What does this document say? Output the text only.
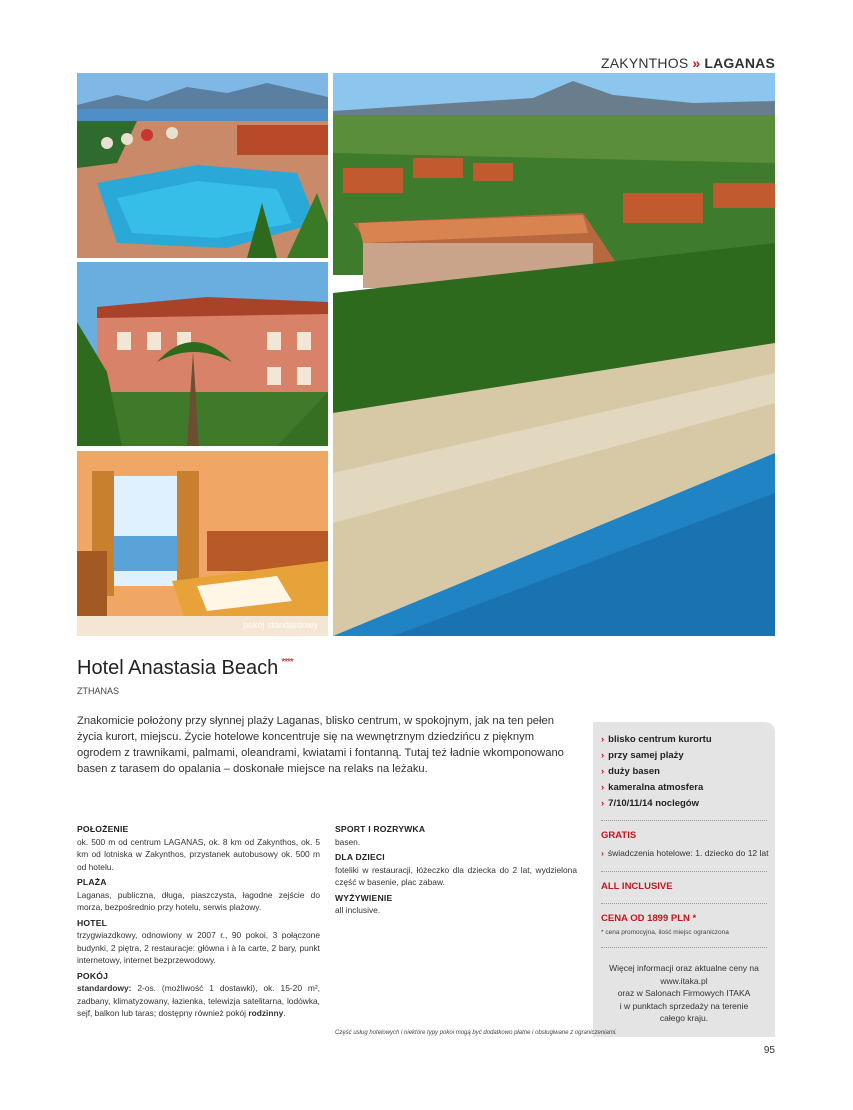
ZAKYNTHOS » LAGANAS
pokój standardowy
Hotel Anastasia Beach ****
ZTHANAS
Znakomicie położony przy słynnej plaży Laganas, blisko centrum, w spokojnym, jak na ten pełen życia kurort, miejscu. Życie hotelowe koncentruje się na wewnętrznym dziedzińcu z pięknym ogrodem z trawnikami, palmami, oleandrami, kwiatami i fontanną. Tutaj też ładnie wkomponowano basen z tarasem do opalania – doskonałe miejsce na relaks na leżaku.
› blisko centrum kurortu
› przy samej plaży
› duży basen
› kameralna atmosfera
› 7/10/11/14 noclegów
GRATIS
› świadczenia hotelowe: 1. dziecko do 12 lat
ALL INCLUSIVE
CENA OD 1899 PLN *
* cena promocyjna, ilość miejsc ograniczona
Więcej informacji oraz aktualne ceny na
www.itaka.pl
oraz w Salonach Firmowych ITAKA
i w punktach sprzedaży na terenie
całego kraju.
POŁOŻENIE

ok. 500 m od centrum LAGANAS, ok. 8 km od Zakynthos, ok. 5 km od lotniska w Zakynthos, przystanek autobusowy ok. 500 m od hotelu.

PLAŻA

Laganas, publiczna, długa, piaszczysta, łagodne zejście do morza, bezpośrednio przy hotelu, serwis plażowy.

HOTEL

trzygwiazdkowy, odnowiony w 2007 r., 90 pokoi, 3 połączone budynki, 2 piętra, 2 restauracje: główna i à la carte, 2 bary, punkt internetowy, internet bezprzewodowy.

POKÓJ

standardowy: 2-os. (możliwość 1 dostawki), ok. 15-20 m², zadbany, klimatyzowany, łazienka, telewizja satelitarna, lodówka, sejf, balkon lub taras; dostępny również pokój rodzinny.

SPORT I ROZRYWKA

basen.

DLA DZIECI

foteliki w restauracji, łóżeczko dla dziecka do 2 lat, wydzielona część w basenie, plac zabaw.

WYŻYWIENIE

all inclusive.

Część usług hotelowych i niektóre typy pokoi mogą być dodatkowo płatne i obsługiwane z ograniczeniami.
95
